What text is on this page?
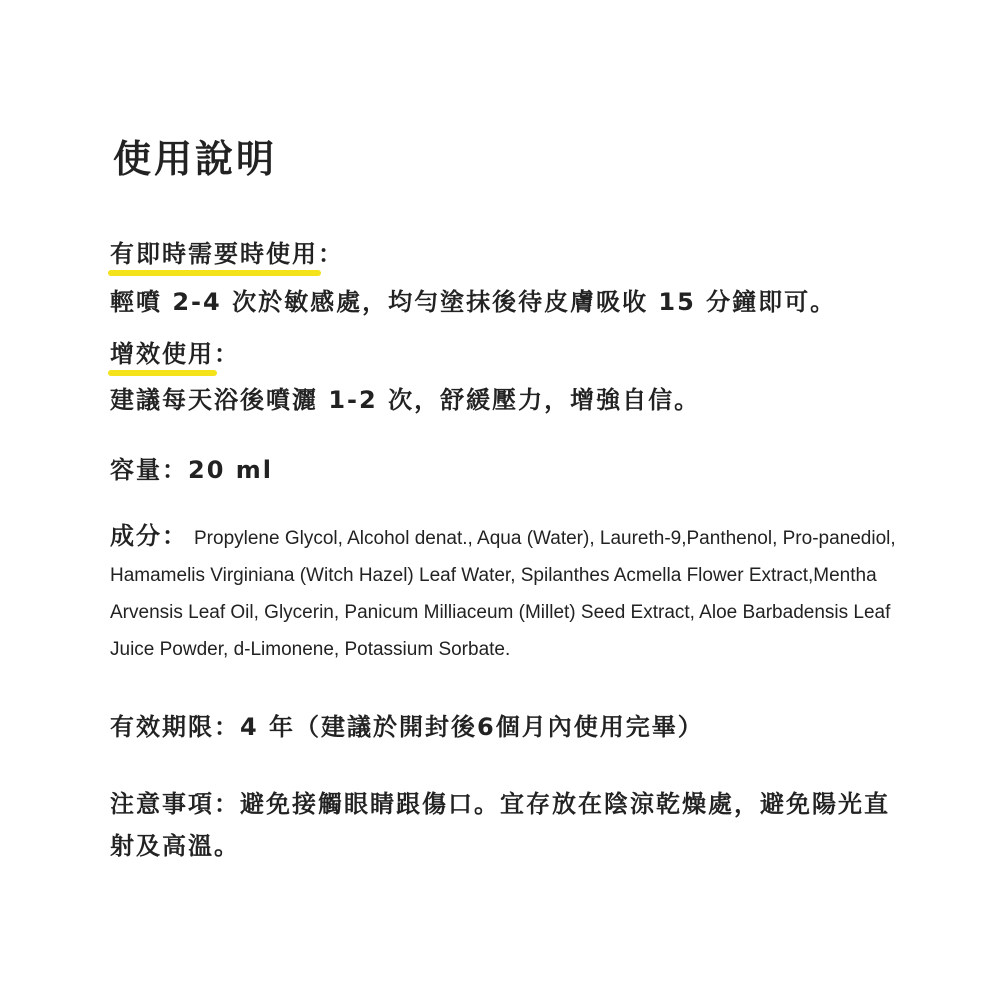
使用說明
有即時需要時使用：
輕噴 2-4 次於敏感處，均勻塗抹後待皮膚吸收 15 分鐘即可。
增效使用：
建議每天浴後噴灑 1-2 次，舒緩壓力，增強自信。
容量：20 ml
成分： Propylene Glycol, Alcohol denat., Aqua (Water), Laureth-9,Panthenol, Pro-panediol, Hamamelis Virginiana (Witch Hazel) Leaf Water, Spilanthes Acmella Flower Extract,Mentha Arvensis Leaf Oil, Glycerin, Panicum Milliaceum (Millet) Seed Extract, Aloe Barbadensis Leaf Juice Powder, d-Limonene, Potassium Sorbate.
有效期限：4 年（建議於開封後6個月內使用完畢）
注意事項：避免接觸眼睛跟傷口。宜存放在陰涼乾燥處，避免陽光直射及高溫。
